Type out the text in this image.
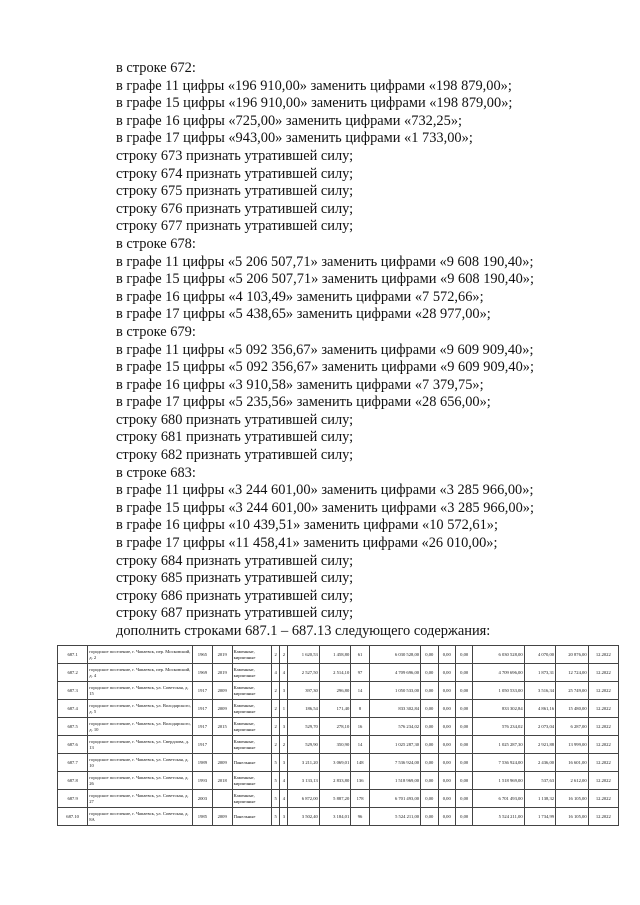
в строке 672:
в графе 11 цифры «196 910,00» заменить цифрами «198 879,00»;
в графе 15 цифры «196 910,00» заменить цифрами «198 879,00»;
в графе 16 цифры «725,00» заменить цифрами «732,25»;
в графе 17 цифры «943,00» заменить цифрами «1 733,00»;
строку 673 признать утратившей силу;
строку 674 признать утратившей силу;
строку 675 признать утратившей силу;
строку 676 признать утратившей силу;
строку 677 признать утратившей силу;
в строке 678:
в графе 11 цифры «5 206 507,71» заменить цифрами «9 608 190,40»;
в графе 15 цифры «5 206 507,71» заменить цифрами «9 608 190,40»;
в графе 16 цифры «4 103,49» заменить цифрами «7 572,66»;
в графе 17 цифры «5 438,65» заменить цифрами «28 977,00»;
в строке 679:
в графе 11 цифры «5 092 356,67» заменить цифрами «9 609 909,40»;
в графе 15 цифры «5 092 356,67» заменить цифрами «9 609 909,40»;
в графе 16 цифры «3 910,58» заменить цифрами «7 379,75»;
в графе 17 цифры «5 235,56» заменить цифрами «28 656,00»;
строку 680 признать утратившей силу;
строку 681 признать утратившей силу;
строку 682 признать утратившей силу;
в строке 683:
в графе 11 цифры «3 244 601,00» заменить цифрами «3 285 966,00»;
в графе 15 цифры «3 244 601,00» заменить цифрами «3 285 966,00»;
в графе 16 цифры «10 439,51» заменить цифрами «10 572,61»;
в графе 17 цифры «11 458,41» заменить цифрами «26 010,00»;
строку 684 признать утратившей силу;
строку 685 признать утратившей силу;
строку 686 признать утратившей силу;
строку 687 признать утратившей силу;
дополнить строками 687.1 – 687.13 следующего содержания:
687.1	городское поселение, г. Чапаевск, пер. Московский, д. 2	1965	2019	Каменные, кирпичные	2	2	1 620,53	1 458,80	61	6 030 528,00	0,00	0,00	0,00	6 030 528,00	4 070,00	20 876,00	12.2022
687.2	городское поселение, г. Чапаевск, пер. Московский, д. 4	1969	2019	Каменные, кирпичные	4	4	2 527,50	2 514,10	97	4 709 696,00	0,00	0,00	0,00	4 709 696,00	1 873,31	12 724,00	12.2022
687.3	городское поселение, г. Чапаевск, ул. Советская, д. 15	1917	2009	Каменные, кирпичные	2	3	397,30	296,80	14	1 050 533,00	0,00	0,00	0,00	1 050 533,00	3 516,34	25 749,00	12.2022
687.4	городское поселение, г. Чапаевск, ул. Володарского, д. 5	1917	2009	Каменные, кирпичные	2	1	186,54	171,40	8	833 302,84	0,00	0,00	0,00	833 302,84	4 861,16	15 480,00	12.2022
687.5	городское поселение, г. Чапаевск, ул. Володарского, д. 10	1917	2015	Каменные, кирпичные	2	3	529,70	278,10	16	576 234,02	0,00	0,00	0,00	576 234,02	2 073,04	6 287,00	12.2022
687.6	городское поселение, г. Чапаевск, ул. Свердлова, д. 13	1917		Каменные, кирпичные	2	2	529,90	350,90	14	1 025 287,30	0,00	0,00	0,00	1 025 287,30	2 921,88	13 999,00	12.2022
687.7	городское поселение, г. Чапаевск, ул. Советская, д. 10	1989	2009	Панельные	5	3	3 211,20	3 069,01	148	7 536 924,00	0,00	0,00	0,00	7 536 924,00	2 436,00	16 601,00	12.2022
687.8	городское поселение, г. Чапаевск, ул. Советская, д. 26	1993	2018	Каменные, кирпичные	5	4	3 133,13	2 833,80	136	1 518 969,00	0,00	0,00	0,00	1 518 969,00	537,63	2 612,00	12.2022
687.9	городское поселение, г. Чапаевск, ул. Советская, д. 27	2003		Каменные, кирпичные	5	4	6 872,00	5 887,20	178	6 701 493,00	0,00	0,00	0,00	6 701 493,00	1 138,32	16 105,00	12.2022
687.10	городское поселение, г. Чапаевск, ул. Советская, д. 8А	1985	2009	Панельные	5	3	3 502,40	3 184,01	96	5 524 211,00	0,00	0,00	0,00	5 524 211,00	1 734,99	16 105,00	12.2022
